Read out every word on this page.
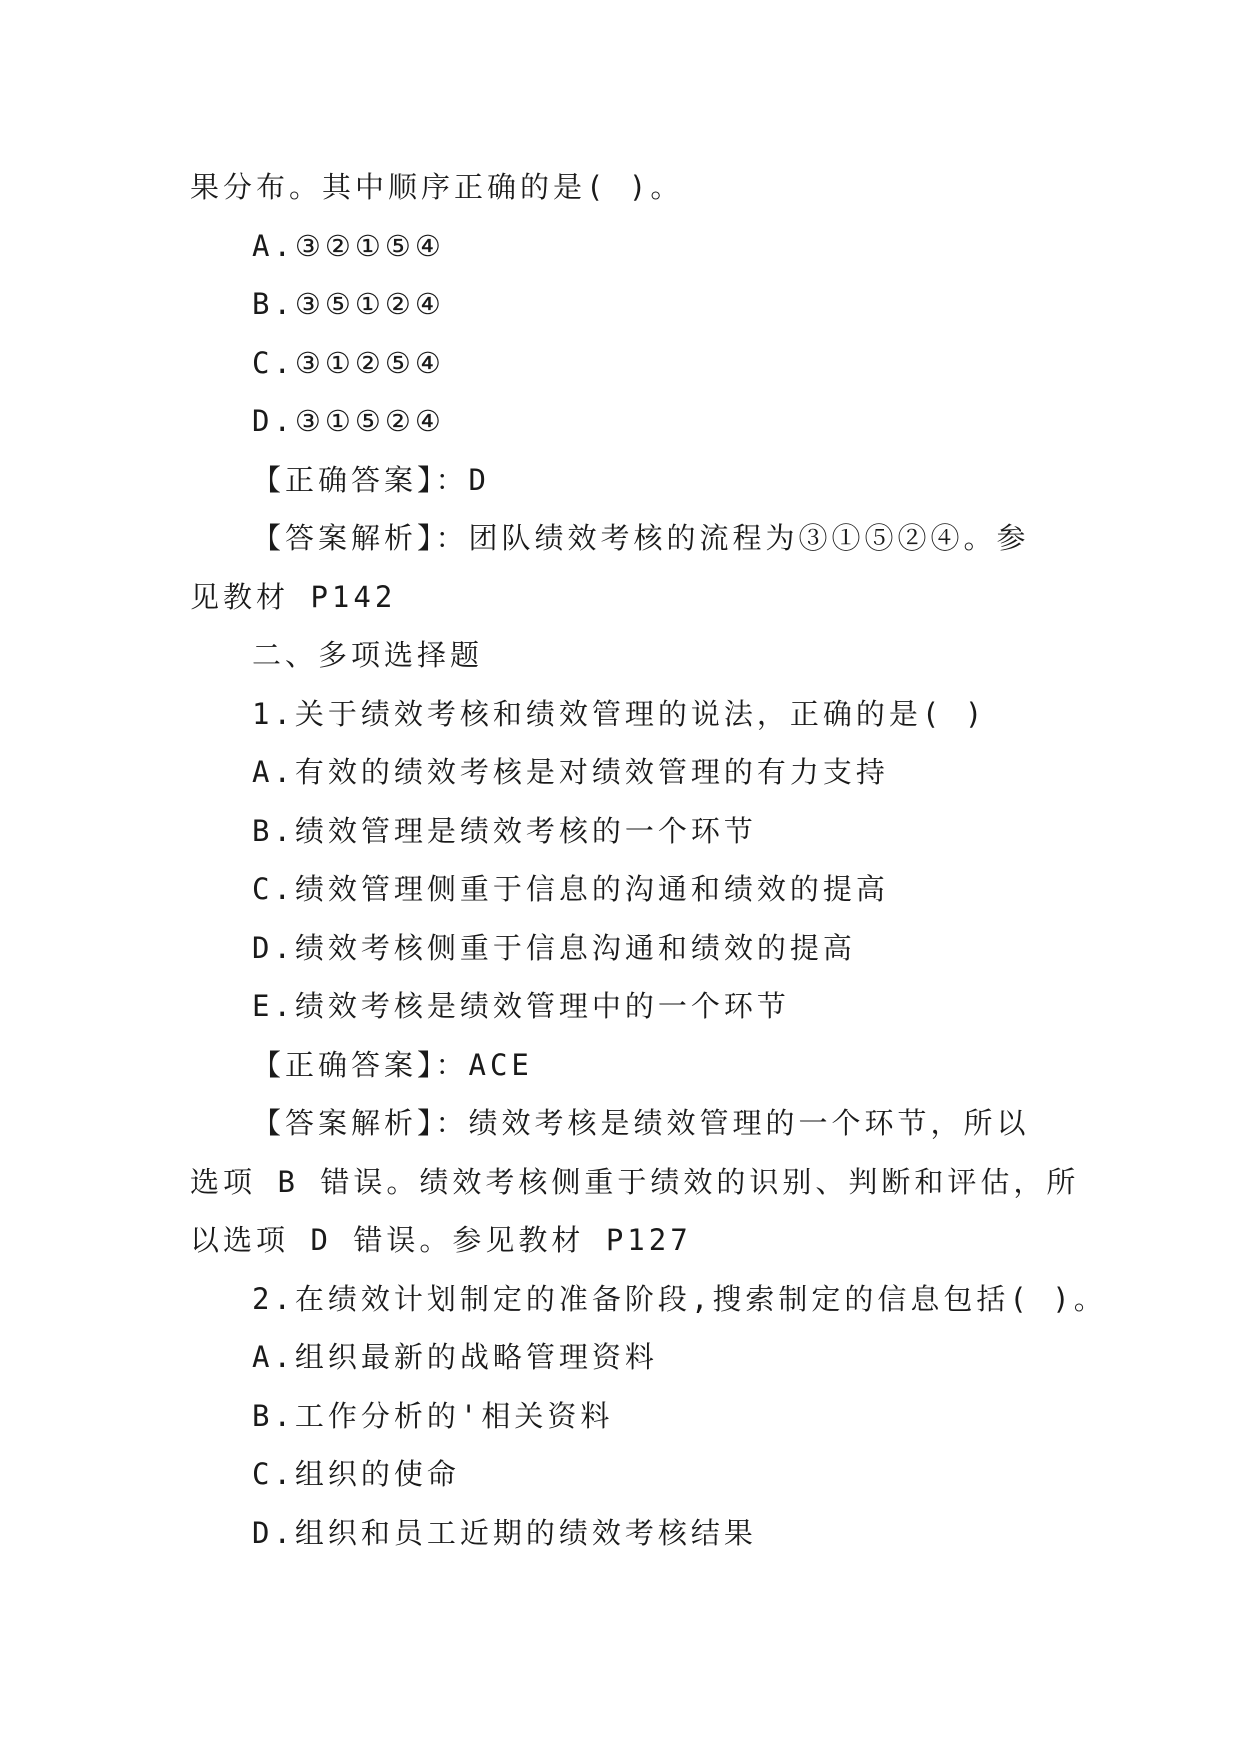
果分布。其中顺序正确的是( )。
A.③②①⑤④
B.③⑤①②④
C.③①②⑤④
D.③①⑤②④
【正确答案】：D
【答案解析】：团队绩效考核的流程为③①⑤②④。参
见教材 P142
二、多项选择题
1.关于绩效考核和绩效管理的说法，正确的是( )
A.有效的绩效考核是对绩效管理的有力支持
B.绩效管理是绩效考核的一个环节
C.绩效管理侧重于信息的沟通和绩效的提高
D.绩效考核侧重于信息沟通和绩效的提高
E.绩效考核是绩效管理中的一个环节
【正确答案】：ACE
【答案解析】：绩效考核是绩效管理的一个环节，所以
选项 B 错误。绩效考核侧重于绩效的识别、判断和评估，所
以选项 D 错误。参见教材 P127
2.在绩效计划制定的准备阶段,搜索制定的信息包括( )。
A.组织最新的战略管理资料
B.工作分析的'相关资料
C.组织的使命
D.组织和员工近期的绩效考核结果
